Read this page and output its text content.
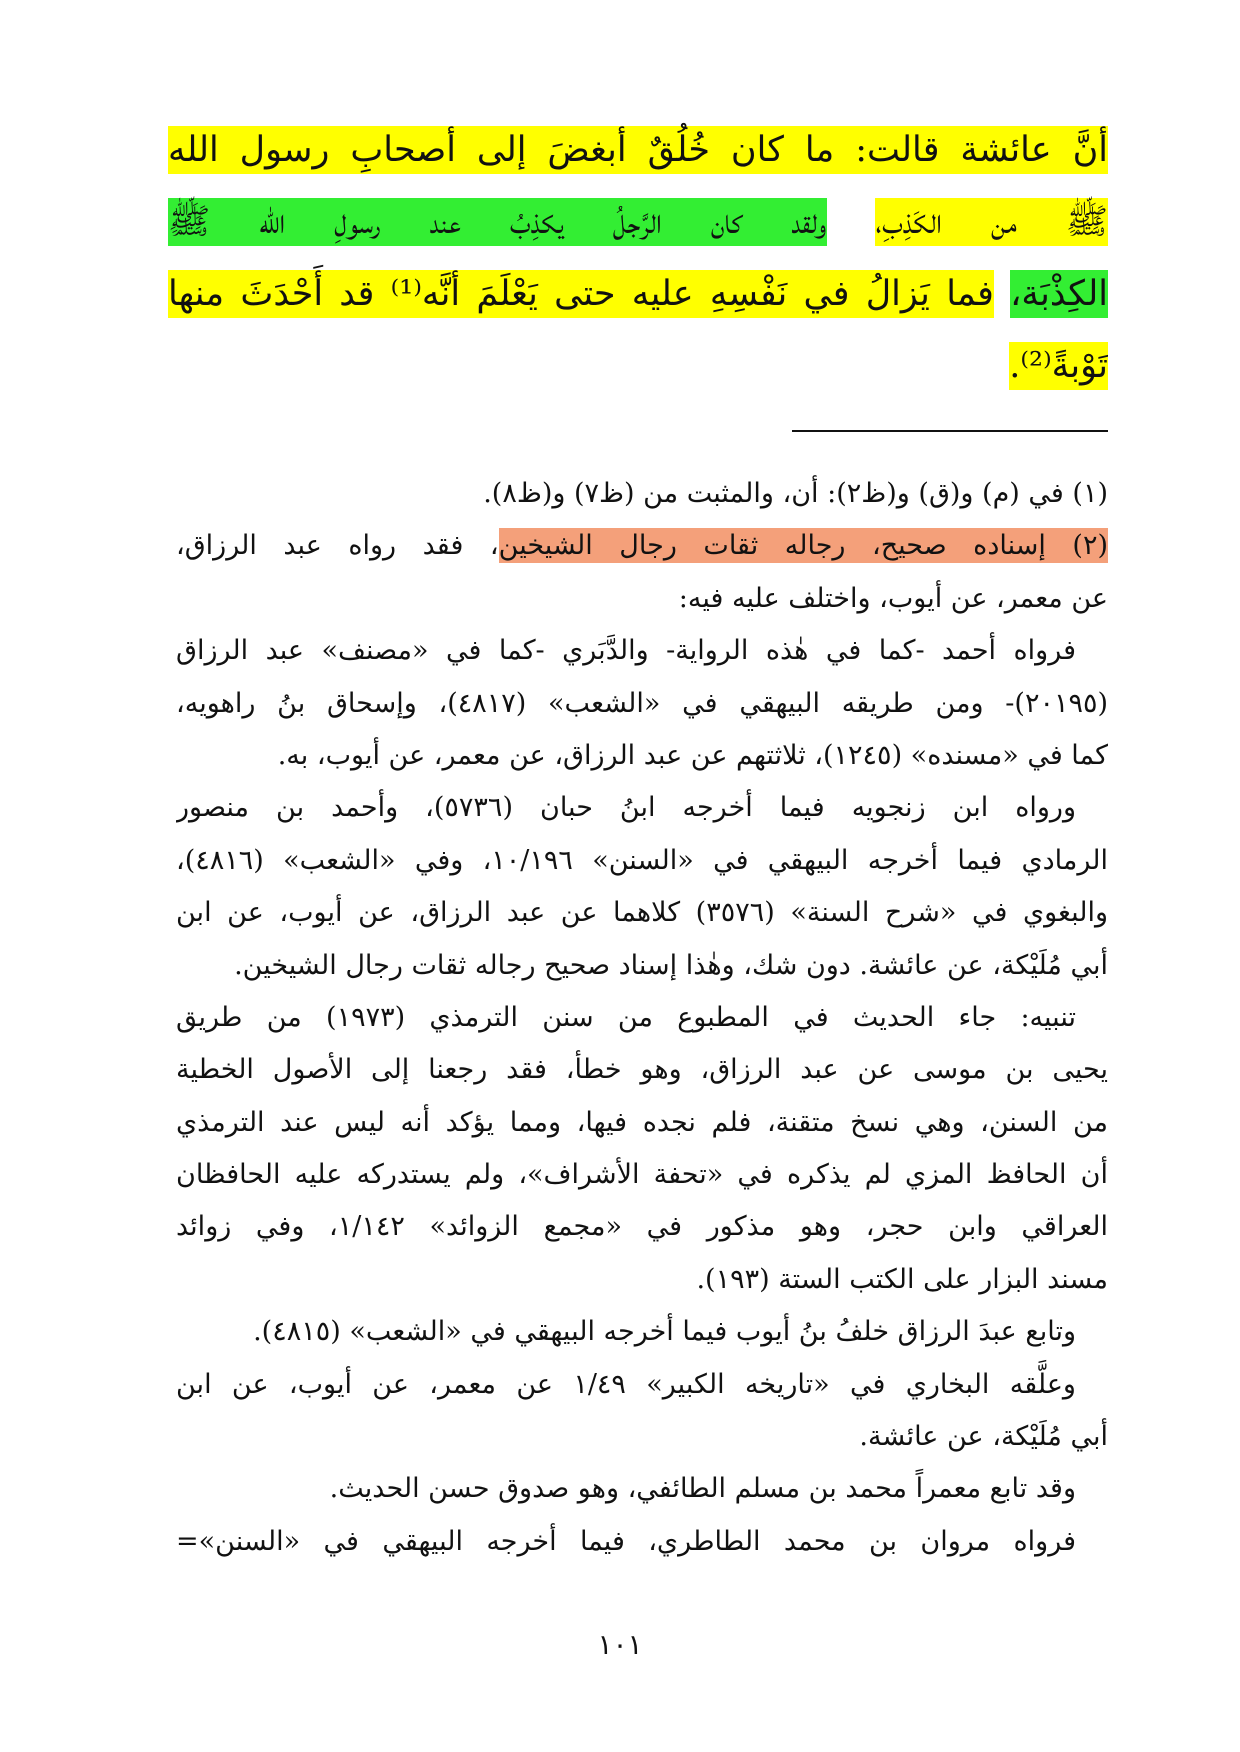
أنَّ عائشة قالت: ما كان خُلُقٌ أبغضَ إلى أصحابِ رسول الله
ﷺ من الكَذِبِ، ولقد كان الرَّجلُ يكذِبُ عند رسولِ الله ﷺ
الكِذْبَة، فما يَزالُ في نَفْسِهِ عليه حتى يَعْلَمَ أنَّه⁽¹⁾ قد أَحْدَثَ منها
تَوْبةً⁽²⁾.
(١) في (م) و(ق) و(ظ٢): أن، والمثبت من (ظ٧) و(ظ٨).
(٢) إسناده صحيح، رجاله ثقات رجال الشيخين، فقد رواه عبد الرزاق،
عن معمر، عن أيوب، واختلف عليه فيه:
فرواه أحمد -كما في هٰذه الرواية- والدَّبَري -كما في «مصنف» عبد الرزاق
(٢٠١٩٥)- ومن طريقه البيهقي في «الشعب» (٤٨١٧)، وإسحاق بنُ راهويه،
كما في «مسنده» (١٢٤٥)، ثلاثتهم عن عبد الرزاق، عن معمر، عن أيوب، به.
ورواه ابن زنجويه فيما أخرجه ابنُ حبان (٥٧٣٦)، وأحمد بن منصور
الرمادي فيما أخرجه البيهقي في «السنن» ١٠/١٩٦، وفي «الشعب» (٤٨١٦)،
والبغوي في «شرح السنة» (٣٥٧٦) كلاهما عن عبد الرزاق، عن أيوب، عن ابن
أبي مُلَيْكة، عن عائشة. دون شك، وهٰذا إسناد صحيح رجاله ثقات رجال الشيخين.
تنبيه: جاء الحديث في المطبوع من سنن الترمذي (١٩٧٣) من طريق
يحيى بن موسى عن عبد الرزاق، وهو خطأ، فقد رجعنا إلى الأصول الخطية
من السنن، وهي نسخ متقنة، فلم نجده فيها، ومما يؤكد أنه ليس عند الترمذي
أن الحافظ المزي لم يذكره في «تحفة الأشراف»، ولم يستدركه عليه الحافظان
العراقي وابن حجر، وهو مذكور في «مجمع الزوائد» ١/١٤٢، وفي زوائد
مسند البزار على الكتب الستة (١٩٣).
وتابع عبدَ الرزاق خلفُ بنُ أيوب فيما أخرجه البيهقي في «الشعب» (٤٨١٥).
وعلَّقه البخاري في «تاريخه الكبير» ١/٤٩ عن معمر، عن أيوب، عن ابن
أبي مُلَيْكة، عن عائشة.
وقد تابع معمراً محمد بن مسلم الطائفي، وهو صدوق حسن الحديث.
فرواه مروان بن محمد الطاطري، فيما أخرجه البيهقي في «السنن»=
١٠١
